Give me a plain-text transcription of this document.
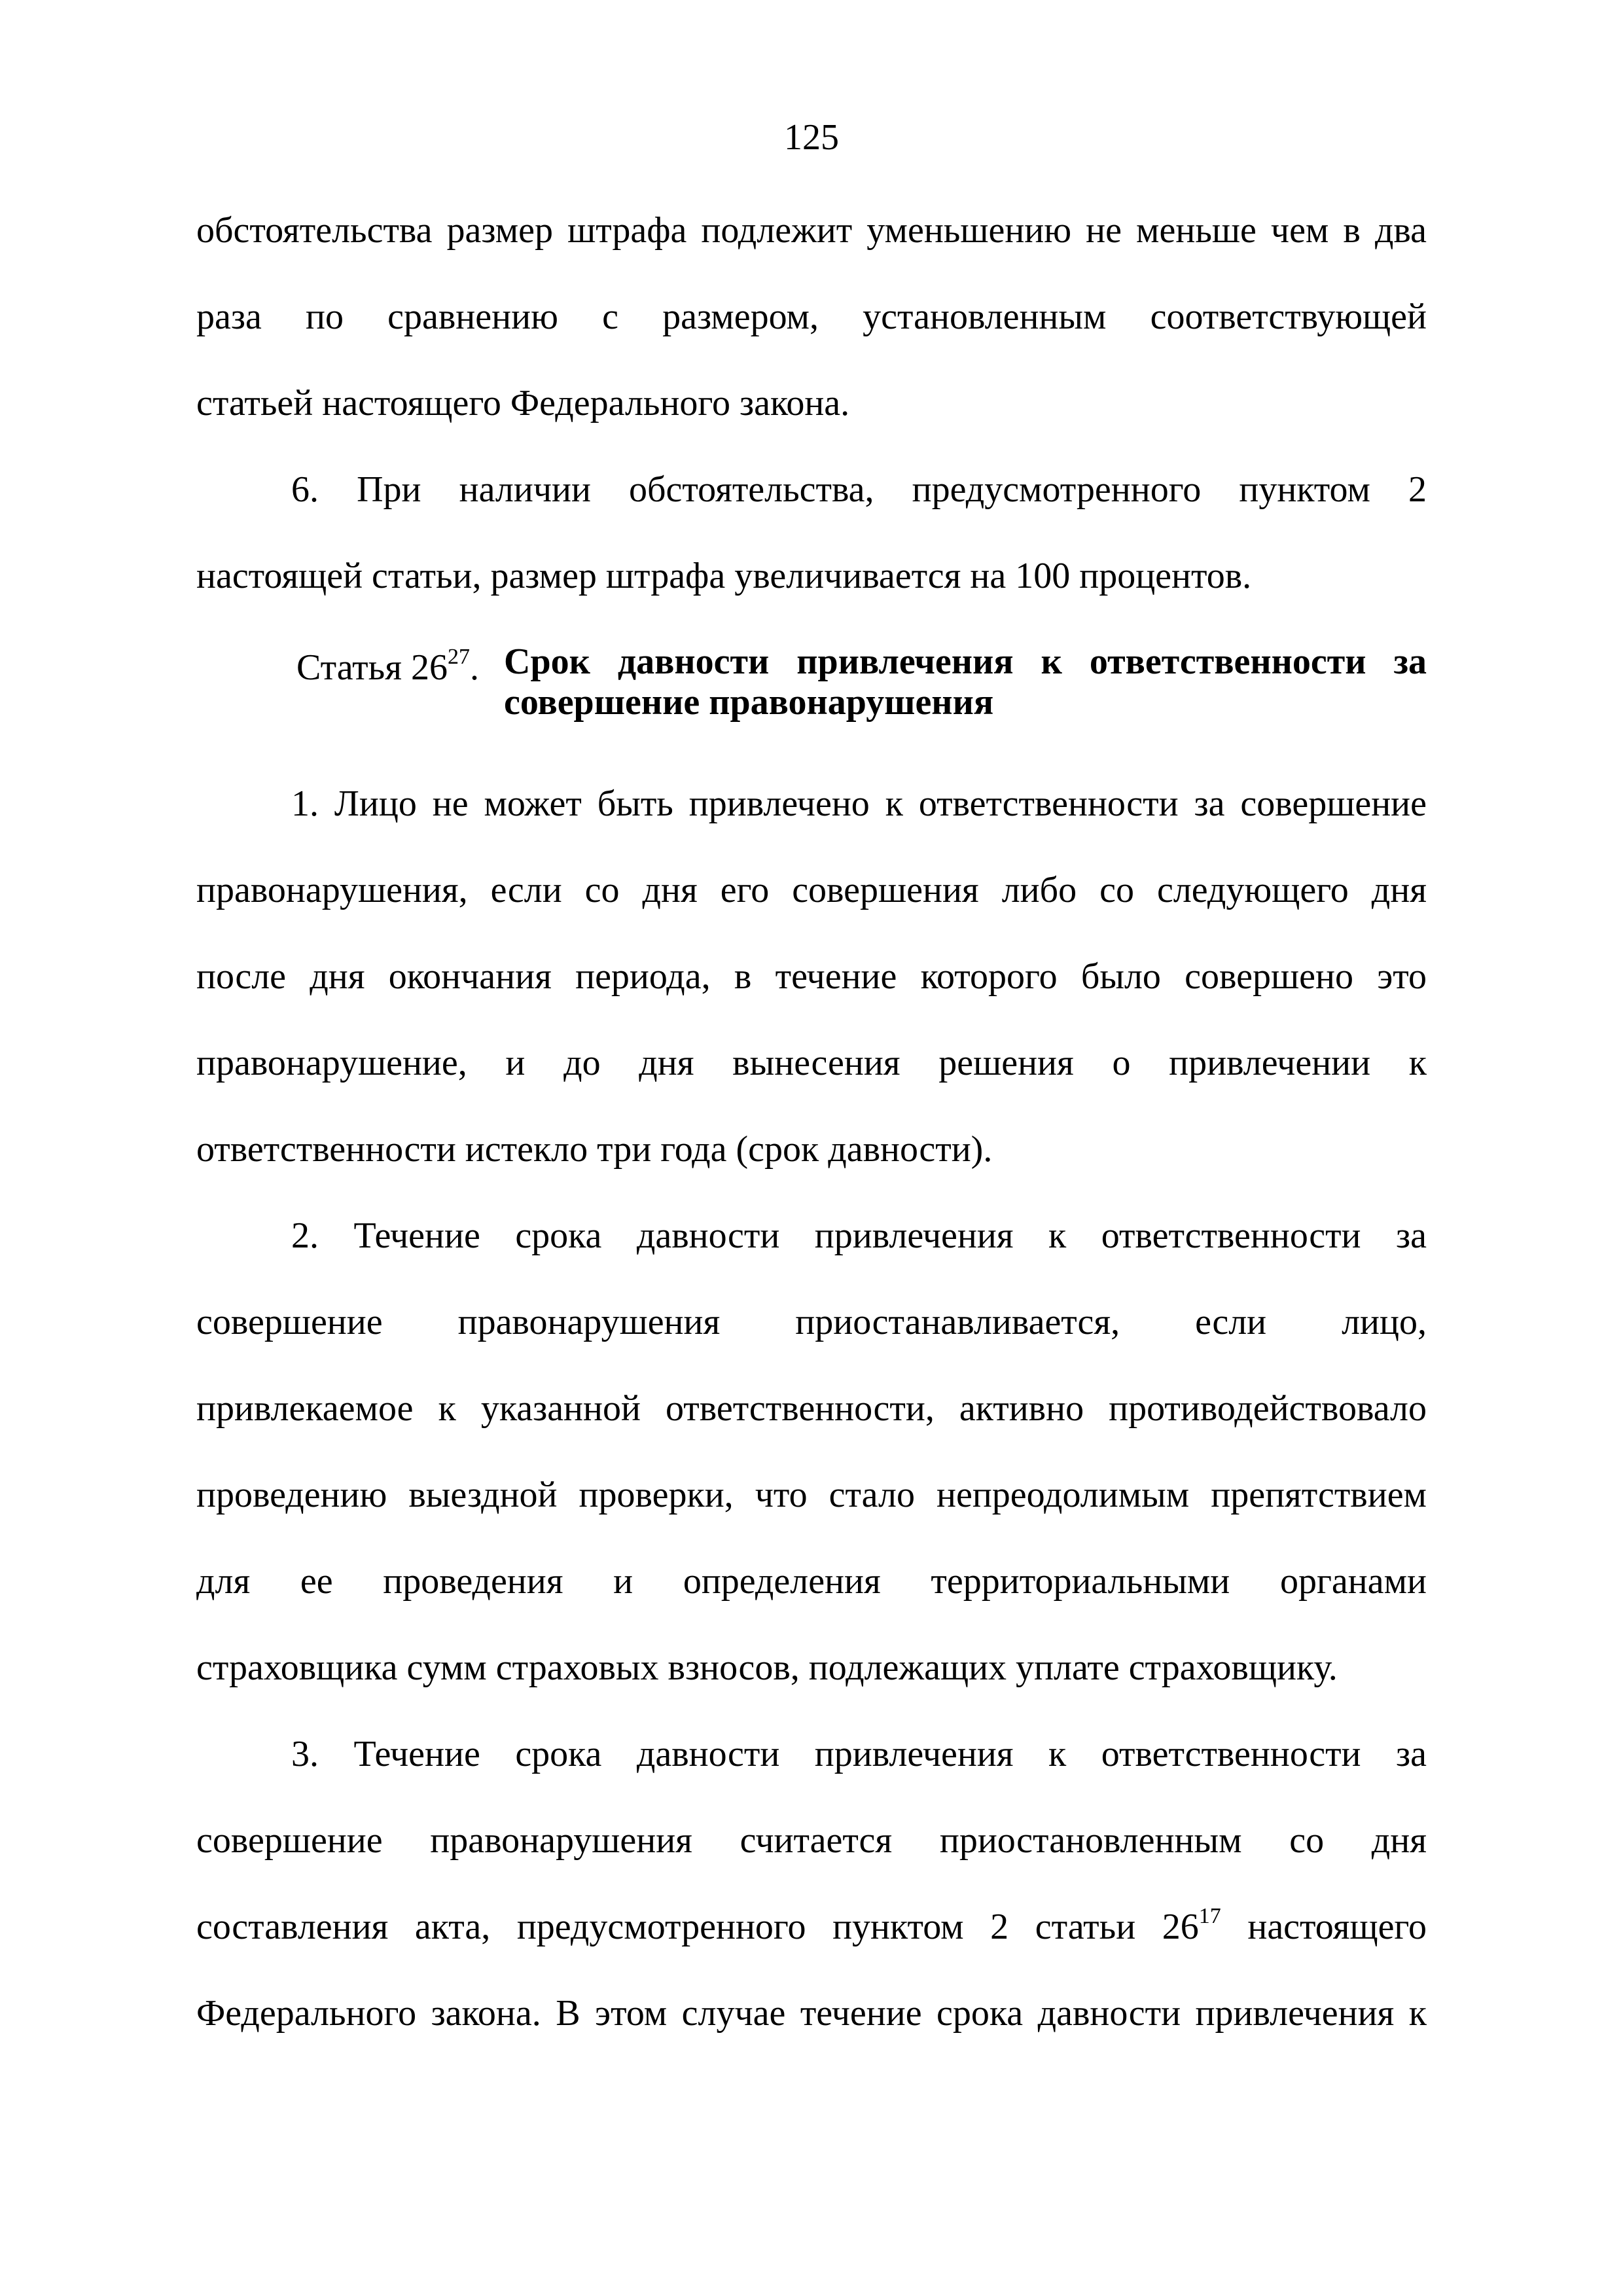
125
обстоятельства размер штрафа подлежит уменьшению не меньше чем в два
раза по сравнению с размером, установленным соответствующей
статьей настоящего Федерального закона.
6. При наличии обстоятельства, предусмотренного пунктом 2
настоящей статьи, размер штрафа увеличивается на 100 процентов.
Статья $26^{27}$. Срок давности привлечения к ответственности за
совершение правонарушения
1. Лицо не может быть привлечено к ответственности за совершение
правонарушения, если со дня его совершения либо со следующего дня
после дня окончания периода, в течение которого было совершено это
правонарушение, и до дня вынесения решения о привлечении к
ответственности истекло три года (срок давности).
2. Течение срока давности привлечения к ответственности за
совершение правонарушения приостанавливается, если лицо,
привлекаемое к указанной ответственности, активно противодействовало
проведению выездной проверки, что стало непреодолимым препятствием
для ее проведения и определения территориальными органами
страховщика сумм страховых взносов, подлежащих уплате страховщику.
3. Течение срока давности привлечения к ответственности за
совершение правонарушения считается приостановленным со дня
составления акта, предусмотренного пунктом 2 статьи $26^{17}$ настоящего
Федерального закона. В этом случае течение срока давности привлечения к
